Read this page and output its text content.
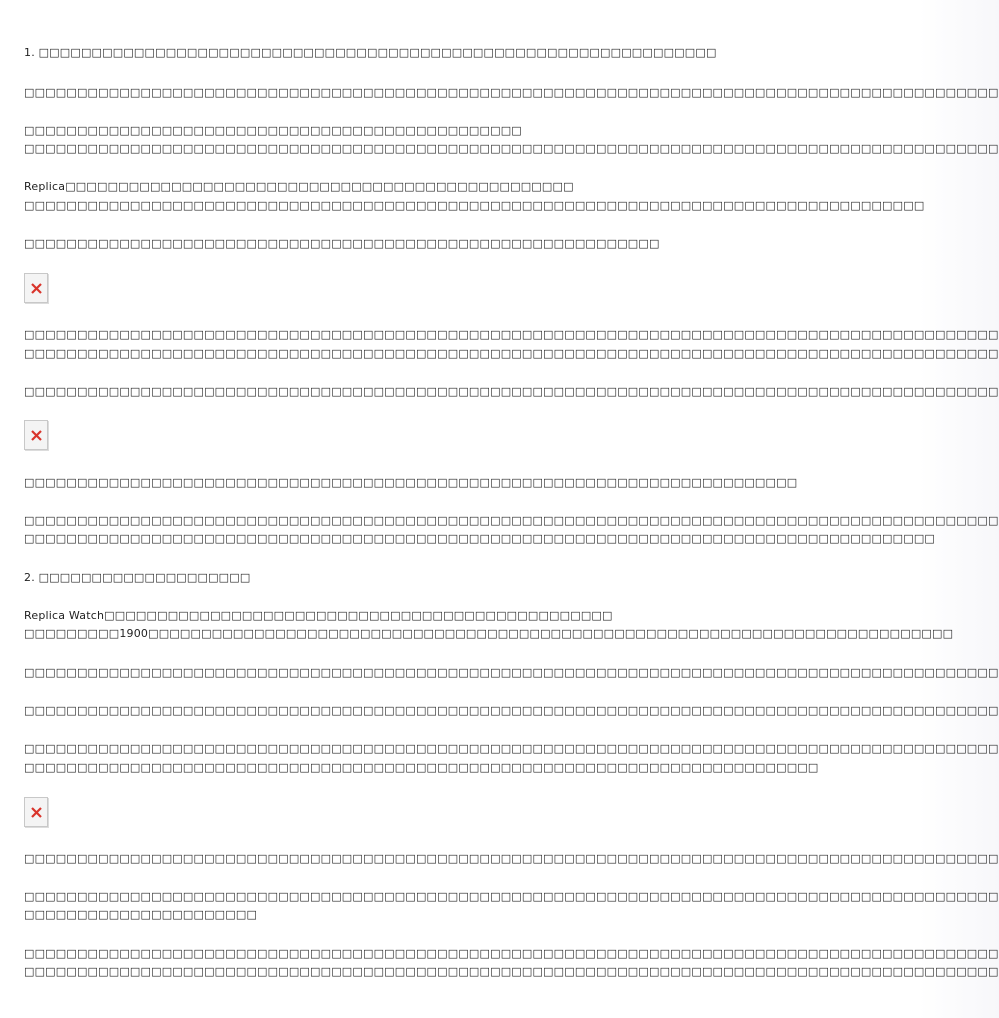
1. □□□□□□□□□□□□□□□□□□□□□□□□□□□□□□□□□□□□□□□□□□□□□□□□□□□□□□□□□□□□□□□□
□□□□□□□□□□□□□□□□□□□□□□□□□□□□□□□□□□□□□□□□□□□□□□□□□□□□□□□□□□□□□□□□□□□□□□□□□□□□□□□□□□□□□□□□□□□□
□□□□□□□□□□□□□□□□□□□□□□□□□□□□□□□□□□□□□□□□□□□□□□□
□□□□□□□□□□□□□□□□□□□□□□□□□□□□□□□□□□□□□□□□□□□□□□□□□□□□□□□□□□□□□□□□□□□□□□□□□□□□□□□□□□□□□□□□□□□□
Replica□□□□□□□□□□□□□□□□□□□□□□□□□□□□□□□□□□□□□□□□□□□□□□□□
□□□□□□□□□□□□□□□□□□□□□□□□□□□□□□□□□□□□□□□□□□□□□□□□□□□□□□□□□□□□□□□□□□□□□□□□□□□□□□□□□□□□□
□□□□□□□□□□□□□□□□□□□□□□□□□□□□□□□□□□□□□□□□□□□□□□□□□□□□□□□□□□□□
□□□□□□□□□□□□□□□□□□□□□□□□□□□□□□□□□□□□□□□□□□□□□□□□□□□□□□□□□□□□□□□□□□□□□□□□□□□□□□□□□□□□□□□□□□□□
□□□□□□□□□□□□□□□□□□□□□□□□□□□□□□□□□□□□□□□□□□□□□□□□□□□□□□□□□□□□□□□□□□□□□□□□□□□□□□□□□□□□□□□□□□□□
□□□□□□□□□□□□□□□□□□□□□□□□□□□□□□□□□□□□□□□□□□□□□□□□□□□□□□□□□□□□□□□□□□□□□□□□□□□□□□□□□□□□□□□□□□□□
□□□□□□□□□□□□□□□□□□□□□□□□□□□□□□□□□□□□□□□□□□□□□□□□□□□□□□□□□□□□□□□□□□□□□□□□□
□□□□□□□□□□□□□□□□□□□□□□□□□□□□□□□□□□□□□□□□□□□□□□□□□□□□□□□□□□□□□□□□□□□□□□□□□□□□□□□□□□□□□□□□□□□□
□□□□□□□□□□□□□□□□□□□□□□□□□□□□□□□□□□□□□□□□□□□□□□□□□□□□□□□□□□□□□□□□□□□□□□□□□□□□□□□□□□□□□□
2. □□□□□□□□□□□□□□□□□□□□
Replica Watch□□□□□□□□□□□□□□□□□□□□□□□□□□□□□□□□□□□□□□□□□□□□□□□□
□□□□□□□□□1900□□□□□□□□□□□□□□□□□□□□□□□□□□□□□□□□□□□□□□□□□□□□□□□□□□□□□□□□□□□□□□□□□□□□□□□□□□□□
□□□□□□□□□□□□□□□□□□□□□□□□□□□□□□□□□□□□□□□□□□□□□□□□□□□□□□□□□□□□□□□□□□□□□□□□□□□□□□□□□□□□□□□□□□□□
□□□□□□□□□□□□□□□□□□□□□□□□□□□□□□□□□□□□□□□□□□□□□□□□□□□□□□□□□□□□□□□□□□□□□□□□□□□□□□□□□□□□□□□□□□□□
□□□□□□□□□□□□□□□□□□□□□□□□□□□□□□□□□□□□□□□□□□□□□□□□□□□□□□□□□□□□□□□□□□□□□□□□□□□□□□□□□□□□□□□□□□□□
□□□□□□□□□□□□□□□□□□□□□□□□□□□□□□□□□□□□□□□□□□□□□□□□□□□□□□□□□□□□□□□□□□□□□□□□□□□
□□□□□□□□□□□□□□□□□□□□□□□□□□□□□□□□□□□□□□□□□□□□□□□□□□□□□□□□□□□□□□□□□□□□□□□□□□□□□□□□□□□□□□□□□□□□
□□□□□□□□□□□□□□□□□□□□□□□□□□□□□□□□□□□□□□□□□□□□□□□□□□□□□□□□□□□□□□□□□□□□□□□□□□□□□□□□□□□□□□□□□□□□
□□□□□□□□□□□□□□□□□□□□□□
□□□□□□□□□□□□□□□□□□□□□□□□□□□□□□□□□□□□□□□□□□□□□□□□□□□□□□□□□□□□□□□□□□□□□□□□□□□□□□□□□□□□□□□□□□□□
□□□□□□□□□□□□□□□□□□□□□□□□□□□□□□□□□□□□□□□□□□□□□□□□□□□□□□□□□□□□□□□□□□□□□□□□□□□□□□□□□□□□□□□□□□□□
